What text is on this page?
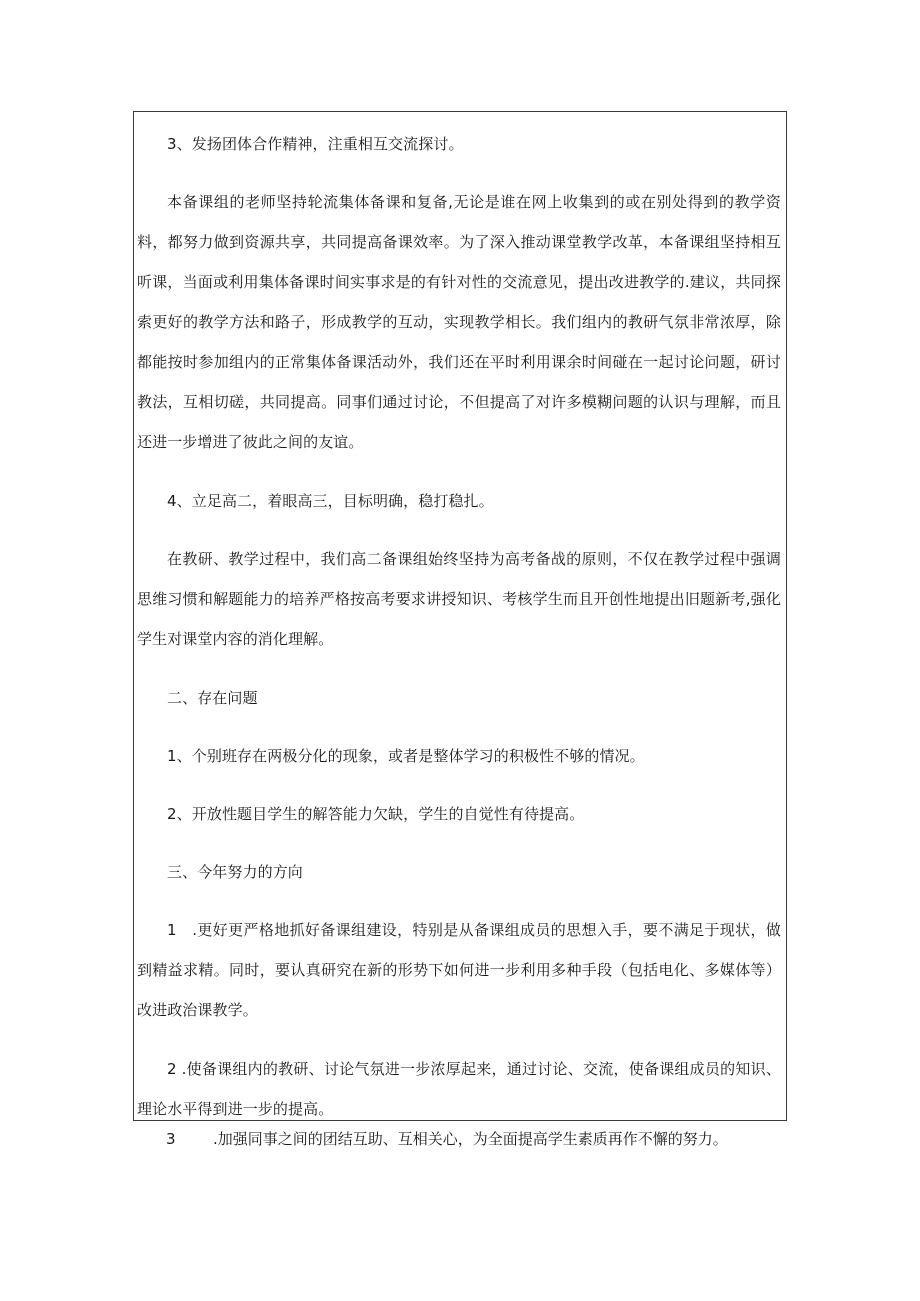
3、发扬团体合作精神，注重相互交流探讨。

本备课组的老师坚持轮流集体备课和复备,无论是谁在网上收集到的或在别处得到的教学资料，都努力做到资源共享，共同提高备课效率。为了深入推动课堂教学改革，本备课组坚持相互听课，当面或利用集体备课时间实事求是的有针对性的交流意见，提出改进教学的.建议，共同探索更好的教学方法和路子，形成教学的互动，实现教学相长。我们组内的教研气氛非常浓厚，除都能按时参加组内的正常集体备课活动外，我们还在平时利用课余时间碰在一起讨论问题，研讨教法，互相切磋，共同提高。同事们通过讨论，不但提高了对许多模糊问题的认识与理解，而且还进一步增进了彼此之间的友谊。

4、立足高二，着眼高三，目标明确，稳打稳扎。

在教研、教学过程中，我们高二备课组始终坚持为高考备战的原则，不仅在教学过程中强调思维习惯和解题能力的培养严格按高考要求讲授知识、考核学生而且开创性地提出旧题新考,强化学生对课堂内容的消化理解。

二、存在问题

1、个别班存在两极分化的现象，或者是整体学习的积极性不够的情况。

2、开放性题目学生的解答能力欠缺，学生的自觉性有待提高。

三、今年努力的方向

1　.更好更严格地抓好备课组建设，特别是从备课组成员的思想入手，要不满足于现状，做到精益求精。同时，要认真研究在新的形势下如何进一步利用多种手段（包括电化、多媒体等）改进政治课教学。

2 .使备课组内的教研、讨论气氛进一步浓厚起来，通过讨论、交流，使备课组成员的知识、理论水平得到进一步的提高。

3 .加强同事之间的团结互助、互相关心，为全面提高学生素质再作不懈的努力。
